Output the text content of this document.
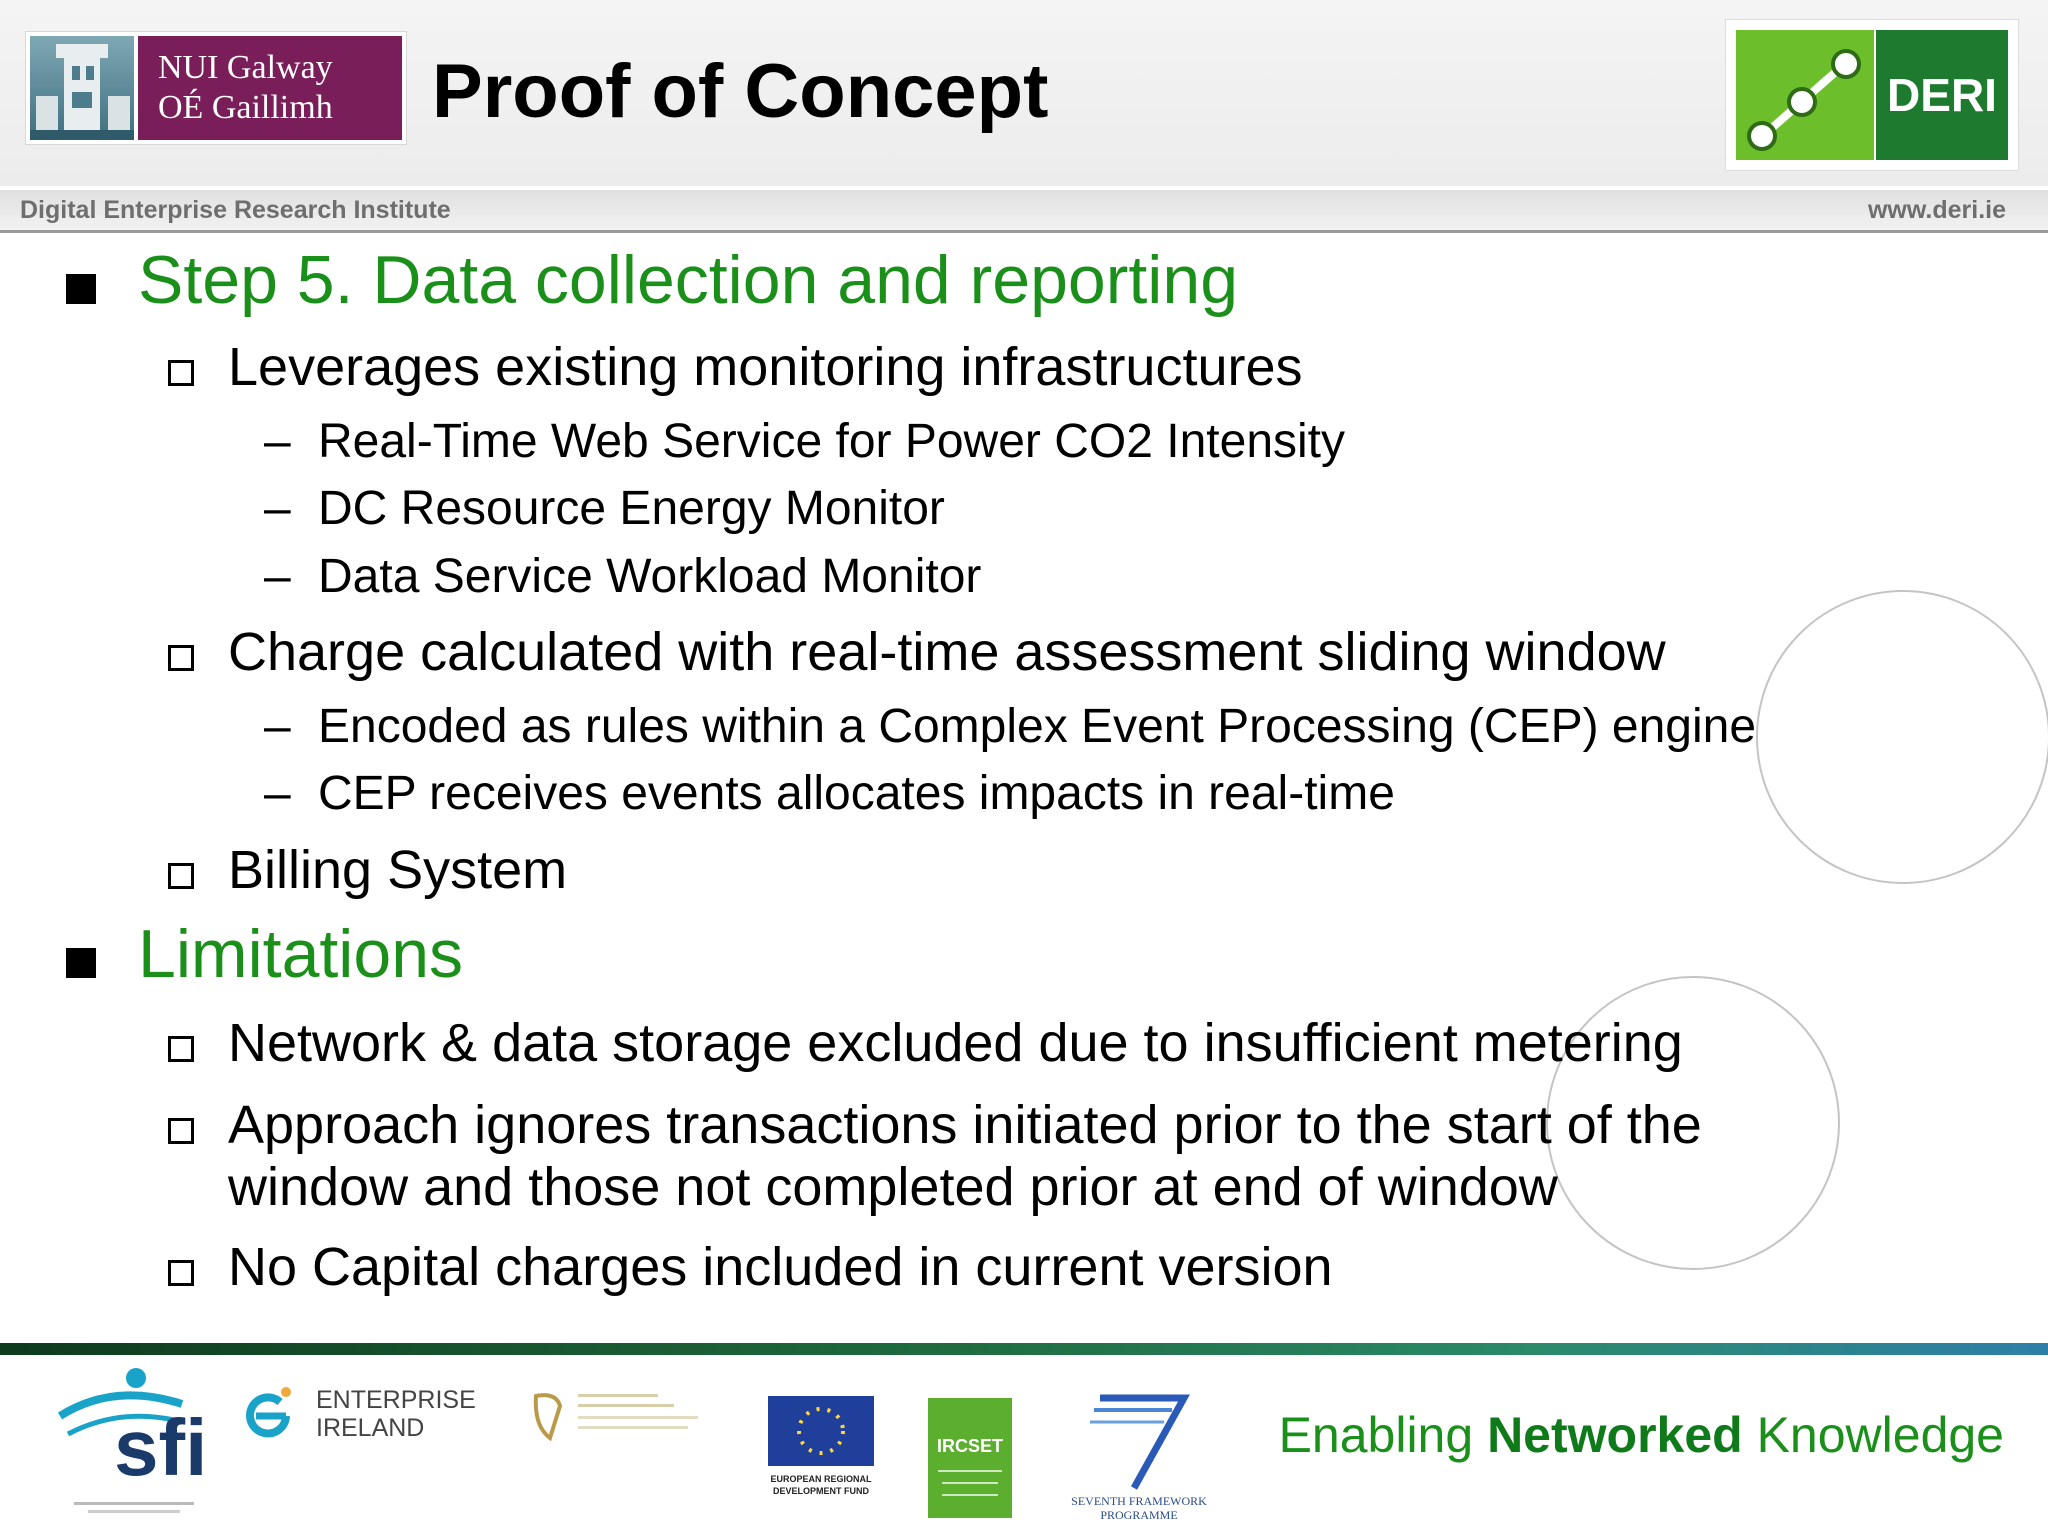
NUI Galway
OÉ Gaillimh	Proof of Concept	DERI
Digital Enterprise Research Institute	www.deri.ie
Step 5. Data collection and reporting
Leverages existing monitoring infrastructures
– Real-Time Web Service for Power CO2 Intensity
– DC Resource Energy Monitor
– Data Service Workload Monitor
Charge calculated with real-time assessment sliding window
– Encoded as rules within a Complex Event Processing (CEP) engine
– CEP receives events allocates impacts in real-time
Billing System
Limitations
Network & data storage excluded due to insufficient metering
Approach ignores transactions initiated prior to the start of the
window and those not completed prior at end of window
No Capital charges included in current version
sfi
ENTERPRISE
IRELAND
EUROPEAN REGIONAL
DEVELOPMENT FUND
IRCSET
SEVENTH FRAMEWORK
PROGRAMME
Enabling Networked Knowledge
